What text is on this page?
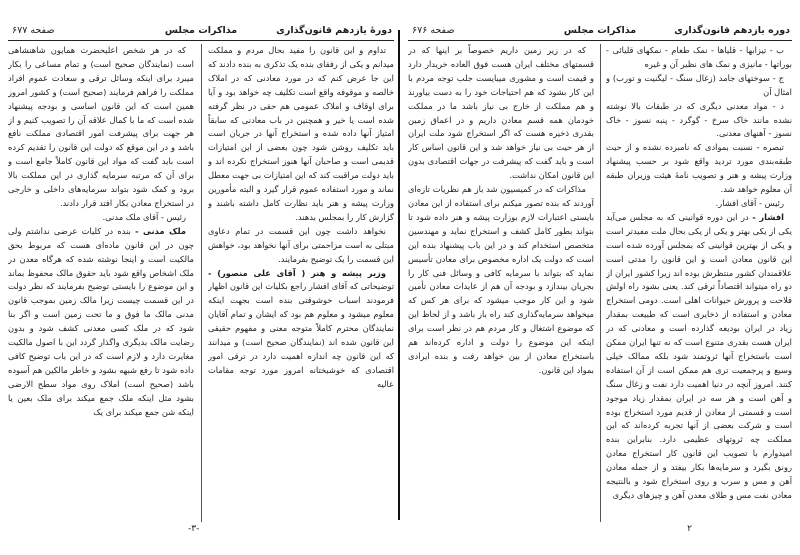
دوره یازدهم قانون‌گذاری
مذاکرات مجلس
صفحه ۶۷۶

ب - تیزابها - قلیاها - نمک طعام - نمکهای قلیائی - بوراتها - مانیزی و نمک های نظیر آن و غیره

ج - سوختهای جامد (زغال سنگ - لیگنیت و تورب) و امثال آن

د - مواد معدنی دیگری که در طبقات بالا نوشته نشده مانند خاک سرخ - گوگرد - پنبه نسوز - خاک نسوز - آهنهای معدنی.

تبصره - نسبت بموادی که نامبرده نشده و از حیث طبقه‌بندی مورد تردید واقع شود بر حسب پیشنهاد وزارت پیشه و هنر و تصویب نامهٔ هیئت وزیران طبقه آن معلوم خواهد شد.

رئیس - آقای افشار.

افشار - در این دوره قوانینی که به مجلس می‌آید یکی از یکی بهتر و یکی از یکی بحال ملت مفیدتر است و یکی از بهترین قوانینی که بمجلس آورده شده است این قانون معادن است و این قانون را مدتی است علاقمندان کشور منتظرش بوده اند زیرا کشور ایران از دو راه میتواند اقتصاداً ترقی کند. یعنی بشود راه اولش فلاحت و پرورش حیوانات اهلی است. دومی استخراج معادن و استفاده از ذخایری است که طبیعت بمقدار زیاد در ایران بودیعه گذارده است و معادنی که در ایران هست بقدری متنوع است که نه تنها ایران ممکن است باستخراج آنها ثروتمند شود بلکه ممالک خیلی وسیع و پرجمعیت تری هم ممکن است از آن استفاده کنند. امروز آنچه در دنیا اهمیت دارد نفت و زغال سنگ و آهن است و هر سه در ایران بمقدار زیاد موجود است و قسمتی از معادن از قدیم مورد استخراج بوده است و شرکت بعضی از آنها تجربه کرده‌اند که این مملکت چه ثروتهای عظیمی دارد. بنابراین بنده امیدوارم با تصویب این قانون کار استخراج معادن رونق بگیرد و سرمایه‌ها بکار بیفتد و از جمله معادن آهن و مس و سرب و روی استخراج شود و بالنتیجه معادن نفت مس و طلای معدن آهن و چیزهای دیگری

که در زیر زمین داریم خصوصاً بر اینها که در قسمتهای مختلف ایران هست فوق العاده خریدار دارد و قیمت است و مشوری میبایست جلب توجه مردم با این کار بشود که هم احتیاجات خود را به دست بیاورند و هم مملکت از خارج بی نیاز باشد ما در مملکت خودمان همه قسم معادن داریم و در اعماق زمین بقدری ذخیره هست که اگر استخراج شود ملت ایران از هر حیث بی نیاز خواهد شد و این قانون اساس کار است و باید گفت که پیشرفت در جهات اقتصادی بدون این قانون امکان نداشت.

مذاکرات که در کمیسیون شد باز هم نظریات تازه‌ای آوردند که بنده تصور میکنم برای استفاده از این معادن بایستی اعتبارات لازم بوزارت پیشه و هنر داده شود تا بتواند بطور کامل کشف و استخراج نماید و مهندسین متخصص استخدام کند و در این باب پیشنهاد بنده این است که دولت یک اداره مخصوص برای معادن تأسیس نماید که بتواند با سرمایه کافی و وسائل فنی کار را بجریان بیندازد و بودجه آن هم از عایدات معادن تأمین شود و این کار موجب میشود که برای هر کس که میخواهد سرمایه‌گذاری کند راه باز باشد و از لحاظ این که موضوع اشتغال و کار مردم هم در نظر است برای اینکه این موضوع را دولت و اداره کرده‌اند هم باستخراج معادن از بین خواهد رفت و بنده ایرادی بمواد این قانون.

۲
دورهٔ یازدهم قانون‌گذاری
مذاکرات مجلس
صفحه ۶۷۷

تداوم و این قانون را مفید بحال مردم و مملکت میدانم و یکی از رفقای بنده یک تذکری به بنده دادند که این جا عرض کنم که در مورد معادنی که در املاک خالصه و موقوفه واقع است تکلیف چه خواهد بود و آیا برای اوقاف و املاک عمومی هم حقی در نظر گرفته شده است یا خیر و همچنین در باب معادنی که سابقاً امتیاز آنها داده شده و استخراج آنها در جریان است باید تکلیف روشن شود چون بعضی از این امتیازات قدیمی است و صاحبان آنها هنوز استخراج نکرده اند و باید دولت مراقبت کند که این امتیازات بی جهت معطل نماند و مورد استفاده عموم قرار گیرد و البته مأمورین وزارت پیشه و هنر باید نظارت کامل داشته باشند و گزارش کار را بمجلس بدهند.

نخواهد داشت چون این قسمت در تمام دعاوی مبتلی به است مزاحمتی برای آنها نخواهد بود، خواهش این قسمت را یک توضیح بفرمایند.

وزیر پیشه و هنر ( آقای علی منصور) - توضیحاتی که آقای افشار راجع بکلیات این قانون اظهار فرمودند اسباب خوشوقتی بنده است بجهت اینکه معلوم میشود و معلوم هم بود که ایشان و تمام آقایان نمایندگان محترم کاملاً متوجه معنی و مفهوم حقیقی این قانون شده اند (نمایندگان صحیح است) و میدانند که این قانون چه اندازه اهمیت دارد در ترقی امور اقتصادی که خوشبختانه امروز مورد توجه مقامات عالیه

که در هر شخص اعلیحضرت همایون شاهنشاهی است (نمایندگان صحیح است) و تمام مساعی را بکار میبرد برای اینکه وسائل ترقی و سعادت عموم افراد مملکت را فراهم فرمایند (صحیح است) و کشور امروز همین است که این قانون اساسی و بودجه پیشنهاد شده است که ما با کمال علاقه آن را تصویب کنیم و از هر جهت برای پیشرفت امور اقتصادی مملکت نافع باشد و در این موقع که دولت این قانون را تقدیم کرده است باید گفت که مواد این قانون کاملاً جامع است و برای آن که مرتبه سرمایه گذاری در این مملکت بالا برود و کمک شود بتواند سرمایه‌های داخلی و خارجی در استخراج معادن بکار افتد قرار دادند.

رئیس - آقای ملک مدنی.

ملک مدنی - بنده در کلیات عرضی نداشتم ولی چون در این قانون ماده‌ای هست که مربوط بحق مالکیت است و اینجا نوشته شده که هرگاه معدن در ملک اشخاص واقع شود باید حقوق مالک محفوظ بماند و این موضوع را بایستی توضیح بفرمایند که نظر دولت در این قسمت چیست زیرا مالک زمین بموجب قانون مدنی مالک ما فوق و ما تحت زمین است و اگر بنا شود که در ملک کسی معدنی کشف شود و بدون رضایت مالک بدیگری واگذار گردد این با اصول مالکیت مغایرت دارد و لازم است که در این باب توضیح کافی داده شود تا رفع شبهه بشود و خاطر مالکین هم آسوده باشد (صحیح است) املاک روی مواد سطح الارضی بشود مثل اینکه ملک جمع میکند برای ملک بعین یا اینکه شن جمع میکند برای یک

-۳-
